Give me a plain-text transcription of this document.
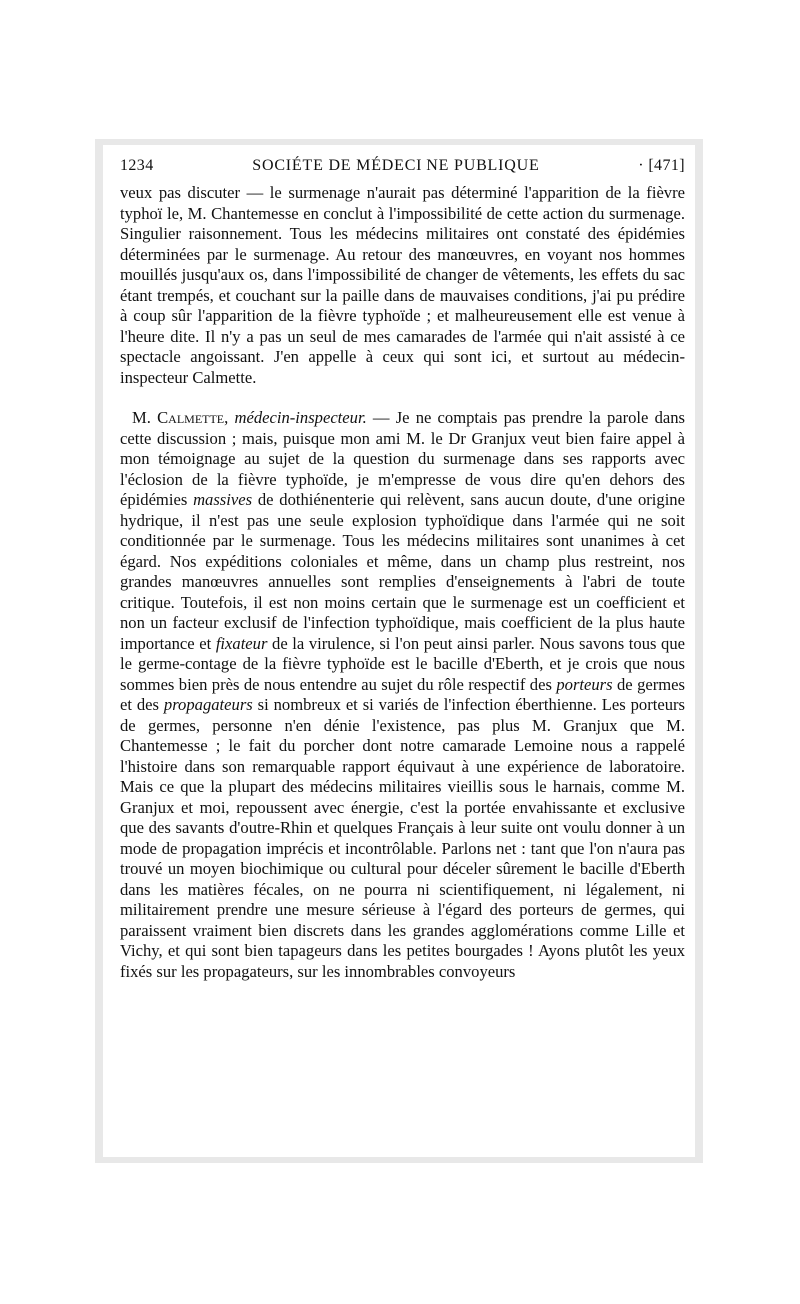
1234	SOCIÉTE DE MÉDECI NE PUBLIQUE	· [471]

veux pas discuter — le surmenage n'aurait pas déterminé l'apparition de la fièvre typhoï le, M. Chantemesse en conclut à l'impossibilité de cette action du surmenage. Singulier raisonnement. Tous les médecins militaires ont constaté des épidémies déterminées par le surmenage. Au retour des manœuvres, en voyant nos hommes mouillés jusqu'aux os, dans l'impossibilité de changer de vêtements, les effets du sac étant trempés, et couchant sur la paille dans de mauvaises conditions, j'ai pu prédire à coup sûr l'apparition de la fièvre typhoïde ; et malheureusement elle est venue à l'heure dite. Il n'y a pas un seul de mes camarades de l'armée qui n'ait assisté à ce spectacle angoissant. J'en appelle à ceux qui sont ici, et surtout au médecin-inspecteur Calmette.

M. Calmette, médecin-inspecteur. — Je ne comptais pas prendre la parole dans cette discussion ; mais, puisque mon ami M. le Dr Granjux veut bien faire appel à mon témoignage au sujet de la question du surmenage dans ses rapports avec l'éclosion de la fièvre typhoïde, je m'empresse de vous dire qu'en dehors des épidémies massives de dothiénenterie qui relèvent, sans aucun doute, d'une origine hydrique, il n'est pas une seule explosion typhoïdique dans l'armée qui ne soit conditionnée par le surmenage. Tous les médecins militaires sont unanimes à cet égard. Nos expéditions coloniales et même, dans un champ plus restreint, nos grandes manœuvres annuelles sont remplies d'enseignements à l'abri de toute critique. Toutefois, il est non moins certain que le surmenage est un coefficient et non un facteur exclusif de l'infection typhoïdique, mais coefficient de la plus haute importance et fixateur de la virulence, si l'on peut ainsi parler. Nous savons tous que le germe-contage de la fièvre typhoïde est le bacille d'Eberth, et je crois que nous sommes bien près de nous entendre au sujet du rôle respectif des porteurs de germes et des propagateurs si nombreux et si variés de l'infection éberthienne. Les porteurs de germes, personne n'en dénie l'existence, pas plus M. Granjux que M. Chantemesse ; le fait du porcher dont notre camarade Lemoine nous a rappelé l'histoire dans son remarquable rapport équivaut à une expérience de laboratoire. Mais ce que la plupart des médecins militaires vieillis sous le harnais, comme M. Granjux et moi, repoussent avec énergie, c'est la portée envahissante et exclusive que des savants d'outre-Rhin et quelques Français à leur suite ont voulu donner à un mode de propagation imprécis et incontrôlable. Parlons net : tant que l'on n'aura pas trouvé un moyen biochimique ou cultural pour déceler sûrement le bacille d'Eberth dans les matières fécales, on ne pourra ni scientifiquement, ni légalement, ni militairement prendre une mesure sérieuse à l'égard des porteurs de germes, qui paraissent vraiment bien discrets dans les grandes agglomérations comme Lille et Vichy, et qui sont bien tapageurs dans les petites bourgades ! Ayons plutôt les yeux fixés sur les propagateurs, sur les innombrables convoyeurs
